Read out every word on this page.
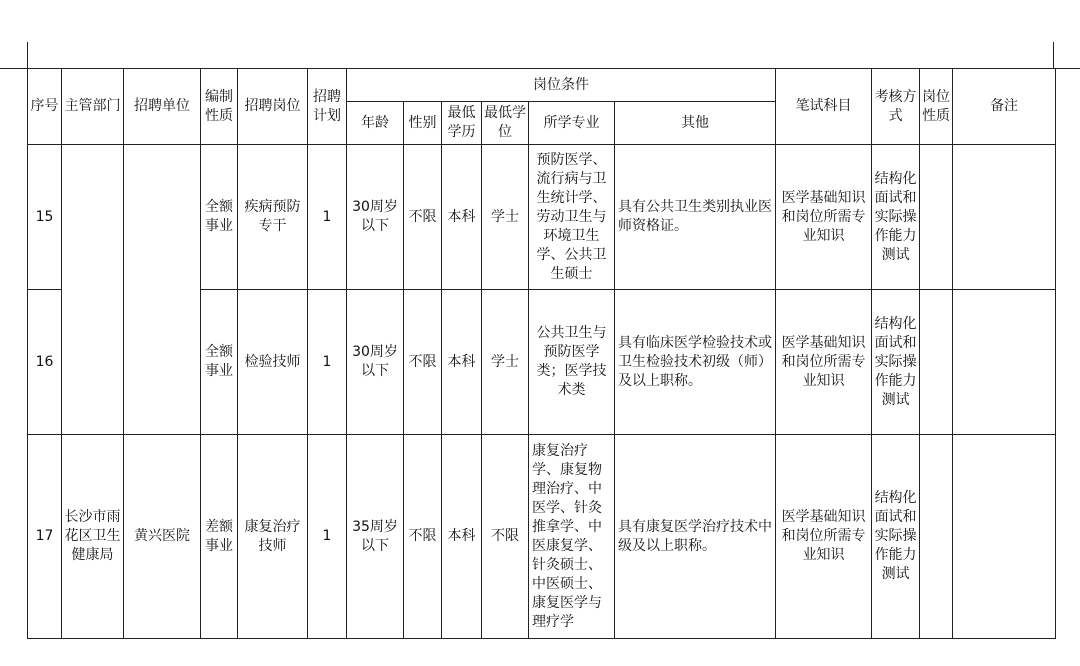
序号	主管部门	招聘单位	编制性质	招聘岗位	招聘计划	岗位条件						笔试科目	考核方式	岗位性质	备注
						年龄	性别	最低学历	最低学位	所学专业	其他				
15			全额事业	疾病预防专干	1	30周岁以下	不限	本科	学士	预防医学、流行病与卫生统计学、劳动卫生与环境卫生学、公共卫生硕士	具有公共卫生类别执业医师资格证。	医学基础知识和岗位所需专业知识	结构化面试和实际操作能力测试		
16			全额事业	检验技师	1	30周岁以下	不限	本科	学士	公共卫生与预防医学类；医学技术类	具有临床医学检验技术或卫生检验技术初级（师）及以上职称。	医学基础知识和岗位所需专业知识	结构化面试和实际操作能力测试		
17	长沙市雨花区卫生健康局	黄兴医院	差额事业	康复治疗技师	1	35周岁以下	不限	本科	不限	康复治疗学、康复物理治疗、中医学、针灸推拿学、中医康复学、针灸硕士、中医硕士、康复医学与理疗学	具有康复医学治疗技术中级及以上职称。	医学基础知识和岗位所需专业知识	结构化面试和实际操作能力测试		
